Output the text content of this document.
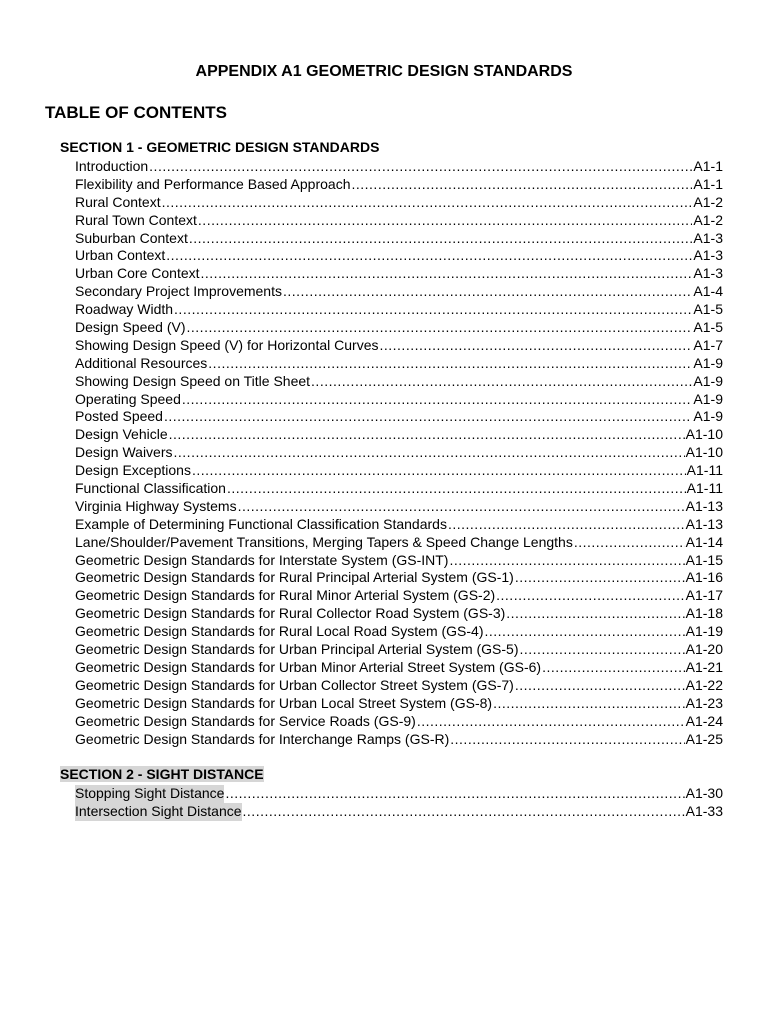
APPENDIX A1 GEOMETRIC DESIGN STANDARDS
TABLE OF CONTENTS
SECTION 1 - GEOMETRIC DESIGN STANDARDS
Introduction .....	A1-1
Flexibility and Performance Based Approach .....	A1-1
Rural Context .....	A1-2
Rural Town Context .....	A1-2
Suburban Context .....	A1-3
Urban Context .....	A1-3
Urban Core Context .....	A1-3
Secondary Project Improvements .....	A1-4
Roadway Width .....	A1-5
Design Speed (V) .....	A1-5
Showing Design Speed (V) for Horizontal Curves .....	A1-7
Additional Resources .....	A1-9
Showing Design Speed on Title Sheet .....	A1-9
Operating Speed .....	A1-9
Posted Speed .....	A1-9
Design Vehicle .....	A1-10
Design Waivers .....	A1-10
Design Exceptions .....	A1-11
Functional Classification .....	A1-11
Virginia Highway Systems .....	A1-13
Example of Determining Functional Classification Standards .....	A1-13
Lane/Shoulder/Pavement Transitions, Merging Tapers & Speed Change Lengths .....	A1-14
Geometric Design Standards for Interstate System (GS-INT) .....	A1-15
Geometric Design Standards for Rural Principal Arterial System (GS-1) .....	A1-16
Geometric Design Standards for Rural Minor Arterial System (GS-2) .....	A1-17
Geometric Design Standards for Rural Collector Road System (GS-3) .....	A1-18
Geometric Design Standards for Rural Local Road System (GS-4) .....	A1-19
Geometric Design Standards for Urban Principal Arterial System (GS-5) .....	A1-20
Geometric Design Standards for Urban Minor Arterial Street System (GS-6) .....	A1-21
Geometric Design Standards for Urban Collector Street System (GS-7) .....	A1-22
Geometric Design Standards for Urban Local Street System (GS-8) .....	A1-23
Geometric Design Standards for Service Roads (GS-9) .....	A1-24
Geometric Design Standards for Interchange Ramps (GS-R) .....	A1-25
SECTION 2 - SIGHT DISTANCE
Stopping Sight Distance .....	A1-30
Intersection Sight Distance .....	A1-33
